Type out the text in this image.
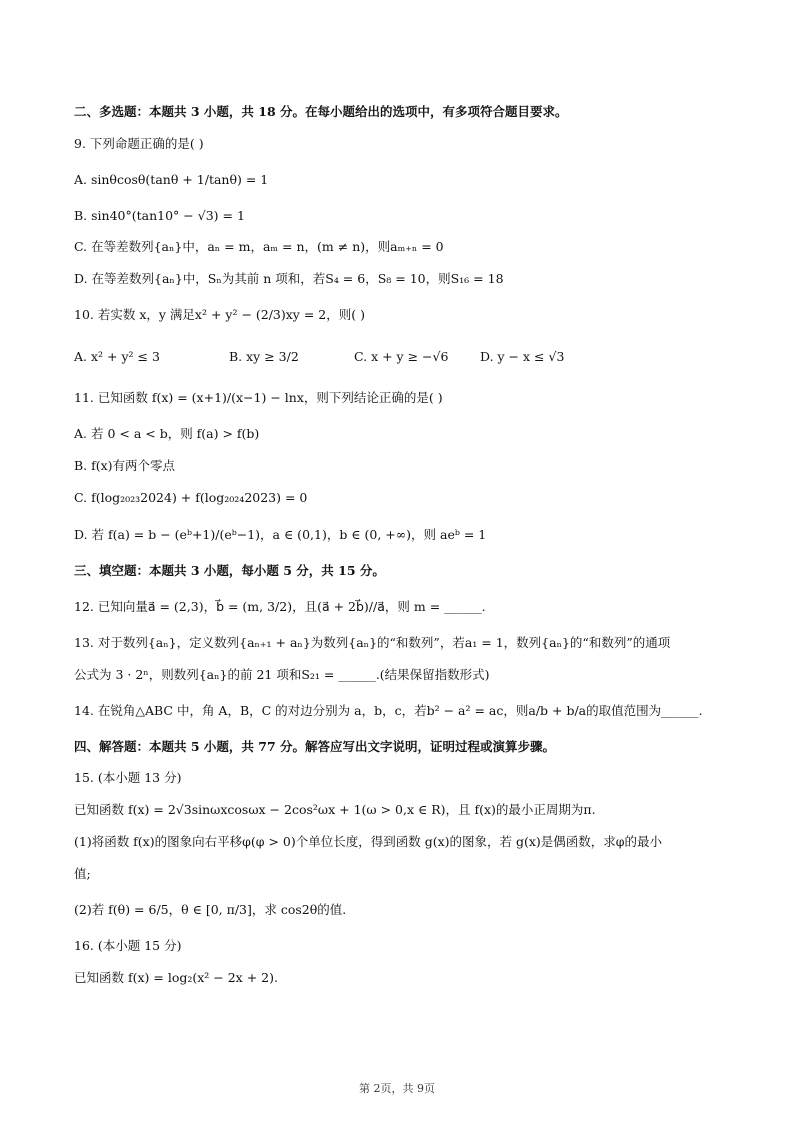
二、多选题：本题共 3 小题，共 18 分。在每小题给出的选项中，有多项符合题目要求。
9. 下列命题正确的是( )
A. sinθcosθ(tanθ + 1/tanθ) = 1
B. sin40°(tan10° − √3) = 1
C. 在等差数列{aₙ}中，aₙ = m，aₘ = n，(m ≠ n)，则aₘ₊ₙ = 0
D. 在等差数列{aₙ}中，Sₙ为其前 n 项和，若S₄ = 6，S₈ = 10，则S₁₆ = 18
10. 若实数 x，y 满足x² + y² − (2/3)xy = 2，则( )
A. x² + y² ≤ 3	B. xy ≥ 3/2	C. x + y ≥ −√6	D. y − x ≤ √3
11. 已知函数 f(x) = (x+1)/(x−1) − lnx，则下列结论正确的是( )
A. 若 0 < a < b，则 f(a) > f(b)
B. f(x)有两个零点
C. f(log₂₀₂₃2024) + f(log₂₀₂₄2023) = 0
D. 若 f(a) = b − (eᵇ+1)/(eᵇ−1)，a ∈ (0,1)，b ∈ (0, +∞)，则 aeᵇ = 1
三、填空题：本题共 3 小题，每小题 5 分，共 15 分。
12. 已知向量a⃗ = (2,3)，b⃗ = (m, 3/2)，且(a⃗ + 2b⃗)//a⃗，则 m = ______.
13. 对于数列{aₙ}，定义数列{aₙ₊₁ + aₙ}为数列{aₙ}的“和数列”，若a₁ = 1，数列{aₙ}的“和数列”的通项
公式为 3 · 2ⁿ，则数列{aₙ}的前 21 项和S₂₁ = ______.(结果保留指数形式)
14. 在锐角△ABC 中，角 A，B，C 的对边分别为 a，b，c，若b² − a² = ac，则a/b + b/a的取值范围为______.
四、解答题：本题共 5 小题，共 77 分。解答应写出文字说明，证明过程或演算步骤。
15. (本小题 13 分)
已知函数 f(x) = 2√3sinωxcosωx − 2cos²ωx + 1(ω > 0,x ∈ R)，且 f(x)的最小正周期为π.
(1)将函数 f(x)的图象向右平移φ(φ > 0)个单位长度，得到函数 g(x)的图象，若 g(x)是偶函数，求φ的最小
值;
(2)若 f(θ) = 6/5，θ ∈ [0, π/3]，求 cos2θ的值.
16. (本小题 15 分)
已知函数 f(x) = log₂(x² − 2x + 2).
第 2页，共 9页
